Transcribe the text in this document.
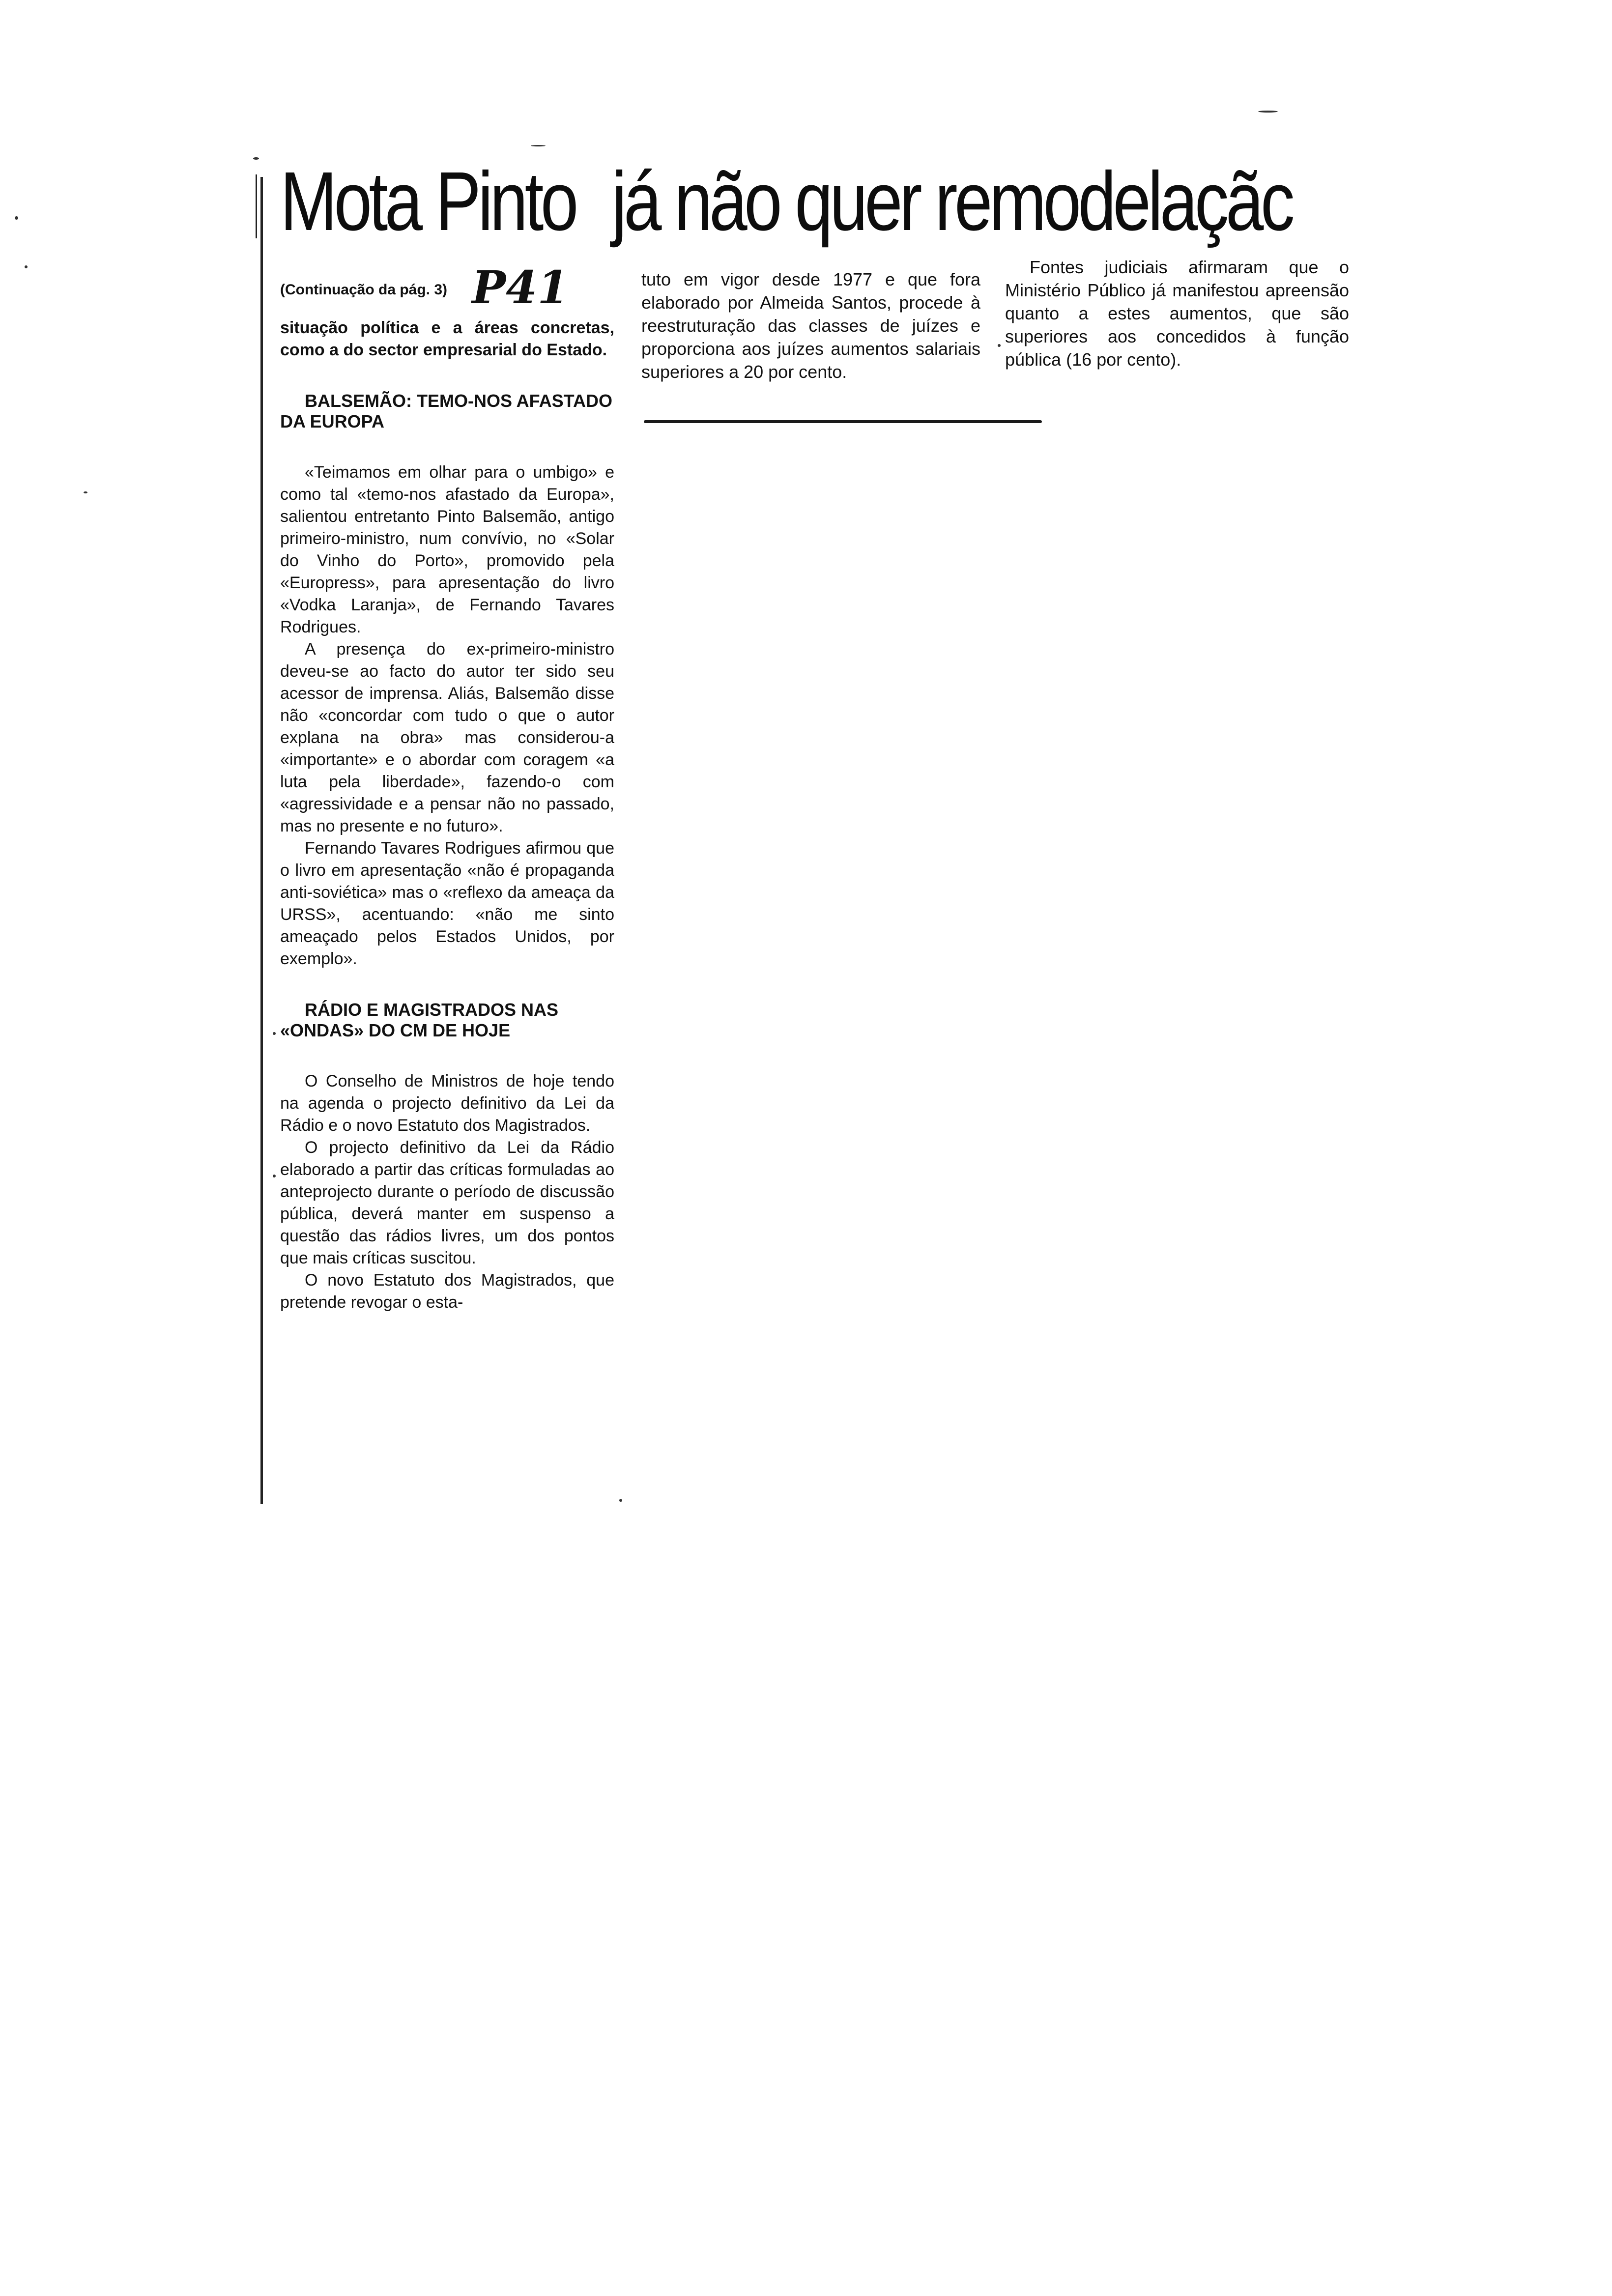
Mota Pinto já não quer remodelaçãc
(Continuação da pág. 3) P41

situação política e a áreas concretas, como a do sector empresarial do Estado.

BALSEMÃO: TEMO-NOS AFASTADO DA EUROPA

«Teimamos em olhar para o umbigo» e como tal «temo-nos afastado da Europa», salientou entretanto Pinto Balsemão, antigo primeiro-ministro, num convívio, no «Solar do Vinho do Porto», promovido pela «Europress», para apresentação do livro «Vodka Laranja», de Fernando Tavares Rodrigues.

A presença do ex-primeiro-ministro deveu-se ao facto do autor ter sido seu acessor de imprensa. Aliás, Balsemão disse não «concordar com tudo o que o autor explana na obra» mas considerou-a «importante» e o abordar com coragem «a luta pela liberdade», fazendo-o com «agressividade e a pensar não no passado, mas no presente e no futuro».

Fernando Tavares Rodrigues afirmou que o livro em apresentação «não é propaganda anti-soviética» mas o «reflexo da ameaça da URSS», acentuando: «não me sinto ameaçado pelos Estados Unidos, por exemplo».

RÁDIO E MAGISTRADOS NAS «ONDAS» DO CM DE HOJE

O Conselho de Ministros de hoje tendo na agenda o projecto definitivo da Lei da Rádio e o novo Estatuto dos Magistrados.

O projecto definitivo da Lei da Rádio elaborado a partir das críticas formuladas ao anteprojecto durante o período de discussão pública, deverá manter em suspenso a questão das rádios livres, um dos pontos que mais críticas suscitou.

O novo Estatuto dos Magistrados, que pretende revogar o esta-

tuto em vigor desde 1977 e que fora elaborado por Almeida Santos, procede à reestruturação das classes de juízes e proporciona aos juízes aumentos salariais superiores a 20 por cento.

Fontes judiciais afirmaram que o Ministério Público já manifestou apreensão quanto a estes aumentos, que são superiores aos concedidos à função pública (16 por cento).
